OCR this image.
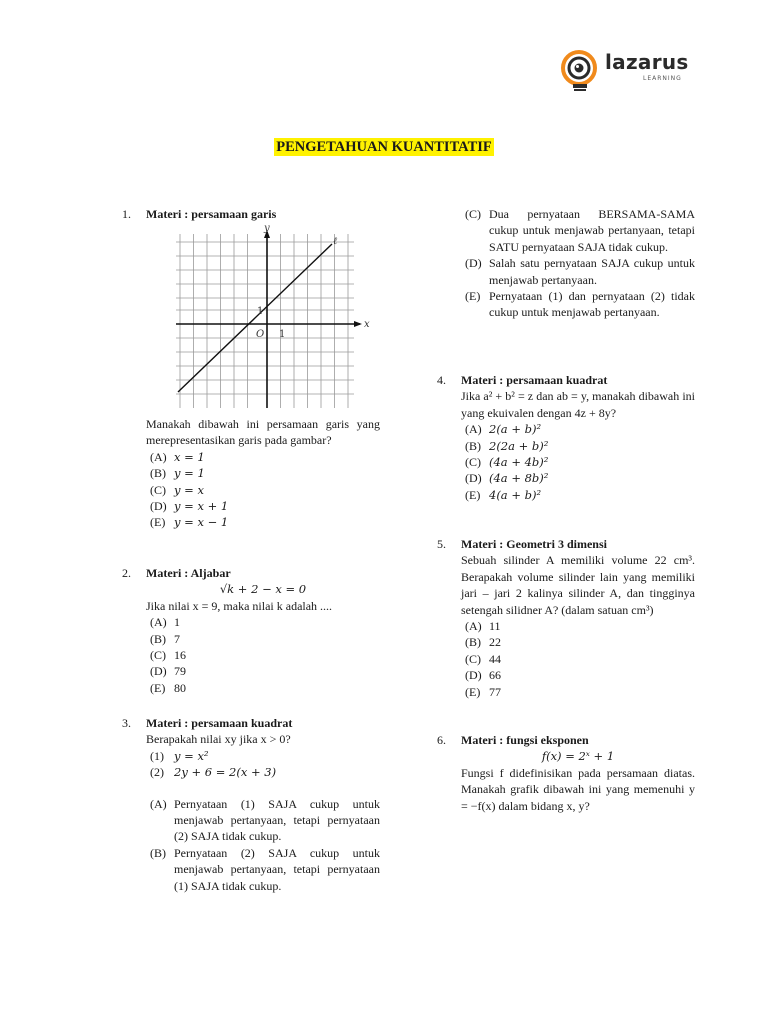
lazarus
LEARNING
PENGETAHUAN KUANTITATIF
1. Materi : persamaan garis
y
x
ℓ
O 1
1
Manakah dibawah ini persamaan garis yang merepresentasikan garis pada gambar?
(A) x = 1
(B) y = 1
(C) y = x
(D) y = x + 1
(E) y = x − 1
2. Materi : Aljabar
√k + 2 − x = 0
Jika nilai x = 9, maka nilai k adalah ....
(A) 1
(B) 7
(C) 16
(D) 79
(E) 80
3. Materi : persamaan kuadrat
Berapakah nilai xy jika x > 0?
(1) y = x²
(2) 2y + 6 = 2(x + 3)
(A) Pernyataan (1) SAJA cukup untuk menjawab pertanyaan, tetapi pernyataan (2) SAJA tidak cukup.
(B) Pernyataan (2) SAJA cukup untuk menjawab pertanyaan, tetapi pernyataan (1) SAJA tidak cukup.
(C) Dua pernyataan BERSAMA-SAMA cukup untuk menjawab pertanyaan, tetapi SATU pernyataan SAJA tidak cukup.
(D) Salah satu pernyataan SAJA cukup untuk menjawab pertanyaan.
(E) Pernyataan (1) dan pernyataan (2) tidak cukup untuk menjawab pertanyaan.
4. Materi : persamaan kuadrat
Jika a² + b² = z dan ab = y, manakah dibawah ini yang ekuivalen dengan 4z + 8y?
(A) 2(a + b)²
(B) 2(2a + b)²
(C) (4a + 4b)²
(D) (4a + 8b)²
(E) 4(a + b)²
5. Materi : Geometri 3 dimensi
Sebuah silinder A memiliki volume 22 cm³. Berapakah volume silinder lain yang memiliki jari – jari 2 kalinya silinder A, dan tingginya setengah silidner A? (dalam satuan cm³)
(A) 11
(B) 22
(C) 44
(D) 66
(E) 77
6. Materi : fungsi eksponen
f(x) = 2ˣ + 1
Fungsi f didefinisikan pada persamaan diatas. Manakah grafik dibawah ini yang memenuhi y = −f(x) dalam bidang x, y?
